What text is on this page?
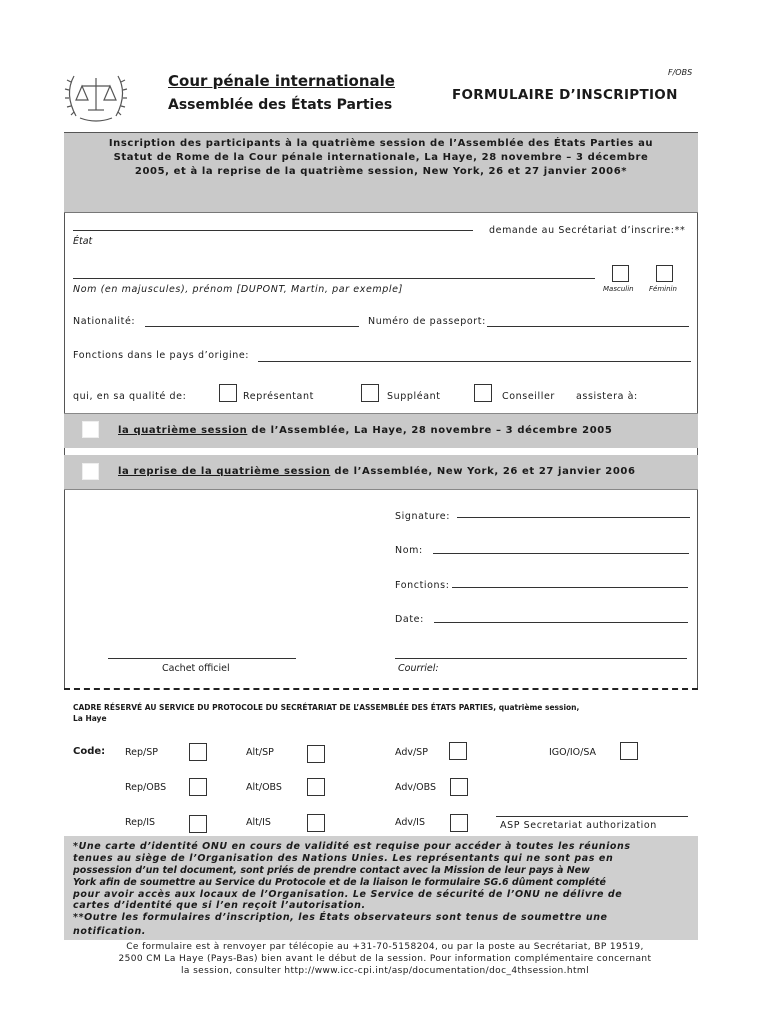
Cour pénale internationale
Assemblée des États Parties
F/OBS
FORMULAIRE D’INSCRIPTION
Inscription des participants à la quatrième session de l’Assemblée des États Parties au
Statut de Rome de la Cour pénale internationale, La Haye, 28 novembre – 3 décembre
2005, et à la reprise de la quatrième session, New York, 26 et 27 janvier 2006*
demande au Secrétariat d’inscrire:**
État
Nom (en majuscules), prénom [DUPONT, Martin, par exemple]	Masculin Féminin
Nationalité:	Numéro de passeport:
Fonctions dans le pays d’origine:
qui, en sa qualité de:	Représentant	Suppléant	Conseiller assistera à:
la quatrième session de l’Assemblée, La Haye, 28 novembre – 3 décembre 2005
la reprise de la quatrième session de l’Assemblée, New York, 26 et 27 janvier 2006
Signature:
Nom:
Fonctions:
Date:
Cachet officiel	Courriel:
CADRE RÉSERVÉ AU SERVICE DU PROTOCOLE DU SECRÉTARIAT DE L’ASSEMBLÉE DES ÉTATS PARTIES, quatrième session,
La Haye
Code: Rep/SP	Alt/SP	Adv/SP	IGO/IO/SA
Rep/OBS	Alt/OBS	Adv/OBS
Rep/IS	Alt/IS	Adv/IS	ASP Secretariat authorization
*Une carte d’identité ONU en cours de validité est requise pour accéder à toutes les réunions
tenues au siège de l’Organisation des Nations Unies. Les représentants qui ne sont pas en
possession d’un tel document, sont priés de prendre contact avec la Mission de leur pays à New
York afin de soumettre au Service du Protocole et de la liaison le formulaire SG.6 dûment complété
pour avoir accès aux locaux de l’Organisation. Le Service de sécurité de l’ONU ne délivre de
cartes d’identité que si l’en reçoit l’autorisation.
**Outre les formulaires d’inscription, les États observateurs sont tenus de soumettre une
notification.
Ce formulaire est à renvoyer par télécopie au +31-70-5158204, ou par la poste au Secrétariat, BP 19519,
2500 CM La Haye (Pays-Bas) bien avant le début de la session. Pour information complémentaire concernant
la session, consulter http://www.icc-cpi.int/asp/documentation/doc_4thsession.html
